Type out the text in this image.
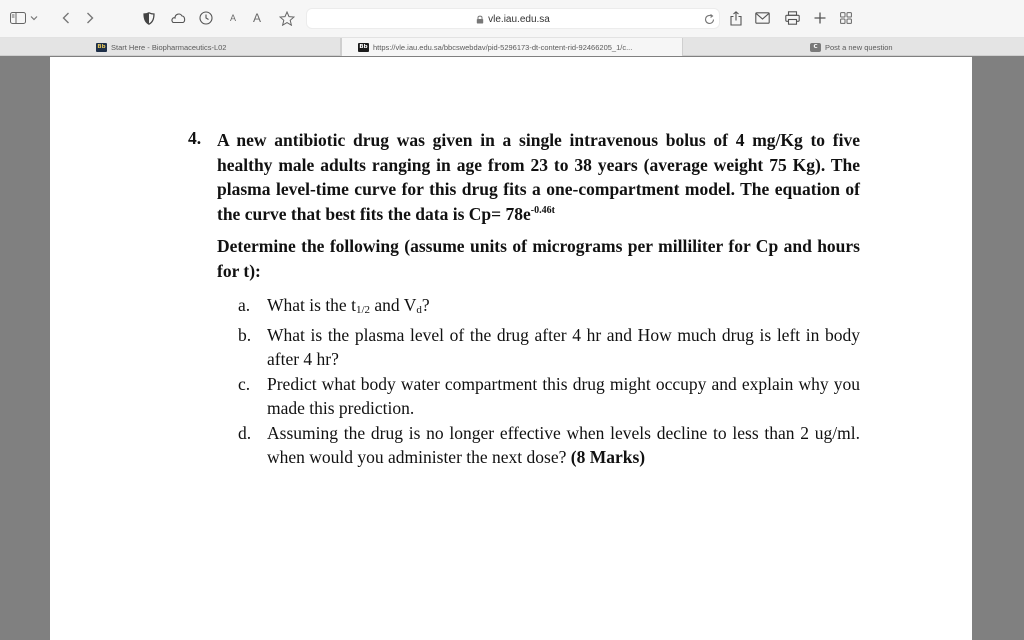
A A	vle.iau.edu.sa
Bb Start Here - Biopharmaceutics-L02	Bb https://vle.iau.edu.sa/bbcswebdav/pid-5296173-dt-content-rid-92466205_1/c...	C Post a new question
4. A new antibiotic drug was given in a single intravenous bolus of 4 mg/Kg to five healthy male adults ranging in age from 23 to 38 years (average weight 75 Kg). The plasma level-time curve for this drug fits a one-compartment model. The equation of the curve that best fits the data is $Cp= 78e^{-0.46t}$
Determine the following (assume units of micrograms per milliliter for Cp and hours for t):
a. What is the t1/2 and Vd?
b. What is the plasma level of the drug after 4 hr and How much drug is left in body after 4 hr?
c. Predict what body water compartment this drug might occupy and explain why you made this prediction.
d. Assuming the drug is no longer effective when levels decline to less than 2 ug/ml. when would you administer the next dose? (8 Marks)
